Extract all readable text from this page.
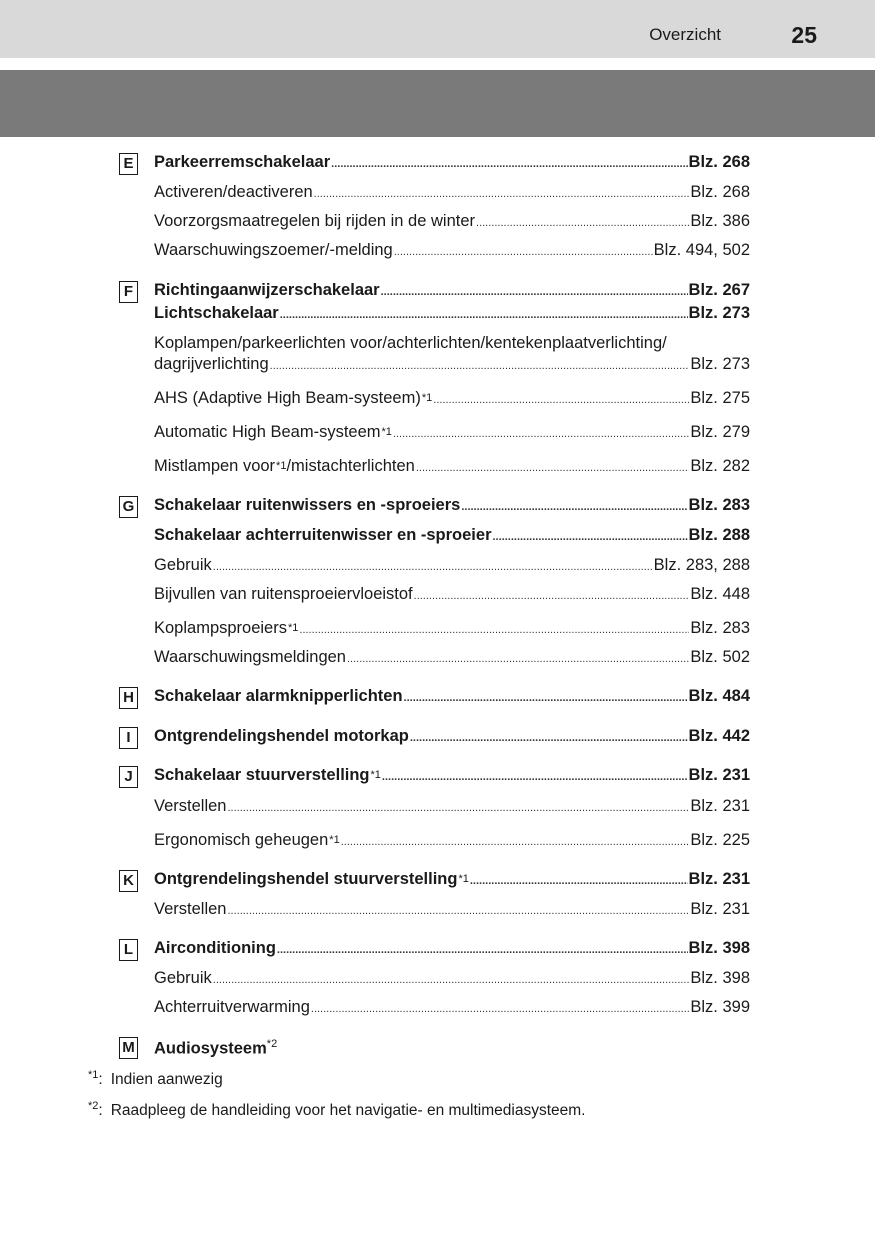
Overzicht	25
E Parkeerremschakelaar .....	Blz. 268
Activeren/deactiveren .....	Blz. 268
Voorzorgsmaatregelen bij rijden in de winter .....	Blz. 386
Waarschuwingszoemer/-melding .....	Blz. 494, 502
F Richtingaanwijzerschakelaar .....	Blz. 267
Lichtschakelaar .....	Blz. 273
Koplampen/parkeerlichten voor/achterlichten/kentekenplaatverlichting/
dagrijverlichting .....	Blz. 273
AHS (Adaptive High Beam-systeem)$^{*1}$ .....	Blz. 275
Automatic High Beam-systeem$^{*1}$ .....	Blz. 279
Mistlampen voor$^{*1}$ /mistachterlichten .....	Blz. 282
G Schakelaar ruitenwissers en -sproeiers .....	Blz. 283
Schakelaar achterruitenwisser en -sproeier .....	Blz. 288
Gebruik .....	Blz. 283, 288
Bijvullen van ruitensproeiervloeistof .....	Blz. 448
Koplampsproeiers$^{*1}$ .....	Blz. 283
Waarschuwingsmeldingen .....	Blz. 502
H Schakelaar alarmknipperlichten .....	Blz. 484
I	Ontgrendelingshendel motorkap .....	Blz. 442
J	Schakelaar stuurverstelling$^{*1}$ .....	Blz. 231
Verstellen .....	Blz. 231
Ergonomisch geheugen$^{*1}$ .....	Blz. 225
K Ontgrendelingshendel stuurverstelling$^{*1}$ .....	Blz. 231
Verstellen .....	Blz. 231
L Airconditioning .....	Blz. 398
Gebruik .....	Blz. 398
Achterruitverwarming .....	Blz. 399
M Audiosysteem$^{*2}$
$^{*1}$: Indien aanwezig
$^{*2}$: Raadpleeg de handleiding voor het navigatie- en multimediasysteem.
